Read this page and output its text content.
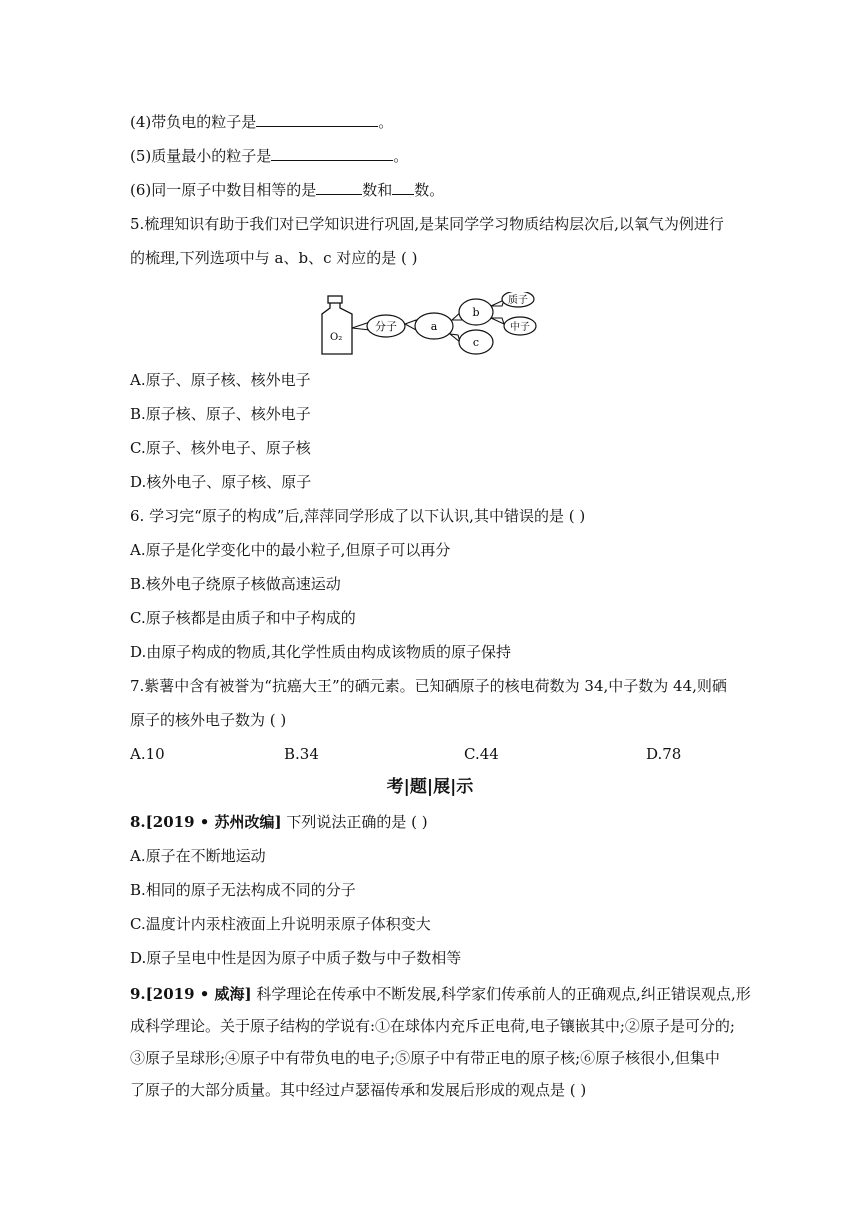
(4)带负电的粒子是	。
(5)质量最小的粒子是	。
(6)同一原子中数目相等的是	数和 数。
5.梳理知识有助于我们对已学知识进行巩固,是某同学学习物质结构层次后,以氧气为例进行
的梳理,下列选项中与 a、b、c 对应的是 ( )
O₂
分子	a
b
c
质子
中子
A.原子、原子核、核外电子
B.原子核、原子、核外电子
C.原子、核外电子、原子核
D.核外电子、原子核、原子
6. 学习完“原子的构成”后,萍萍同学形成了以下认识,其中错误的是 ( )
A.原子是化学变化中的最小粒子,但原子可以再分
B.核外电子绕原子核做高速运动
C.原子核都是由质子和中子构成的
D.由原子构成的物质,其化学性质由构成该物质的原子保持
7.紫薯中含有被誉为“抗癌大王”的硒元素。已知硒原子的核电荷数为 34,中子数为 44,则硒
原子的核外电子数为 ( )
A.10	B.34	C.44	D.78
考|题|展|示
8.[2019 • 苏州改编] 下列说法正确的是 ( )
A.原子在不断地运动
B.相同的原子无法构成不同的分子
C.温度计内汞柱液面上升说明汞原子体积变大
D.原子呈电中性是因为原子中质子数与中子数相等
9.[2019 • 威海] 科学理论在传承中不断发展,科学家们传承前人的正确观点,纠正错误观点,形
成科学理论。关于原子结构的学说有:①在球体内充斥正电荷,电子镶嵌其中;②原子是可分的;
③原子呈球形;④原子中有带负电的电子;⑤原子中有带正电的原子核;⑥原子核很小,但集中
了原子的大部分质量。其中经过卢瑟福传承和发展后形成的观点是 ( )
